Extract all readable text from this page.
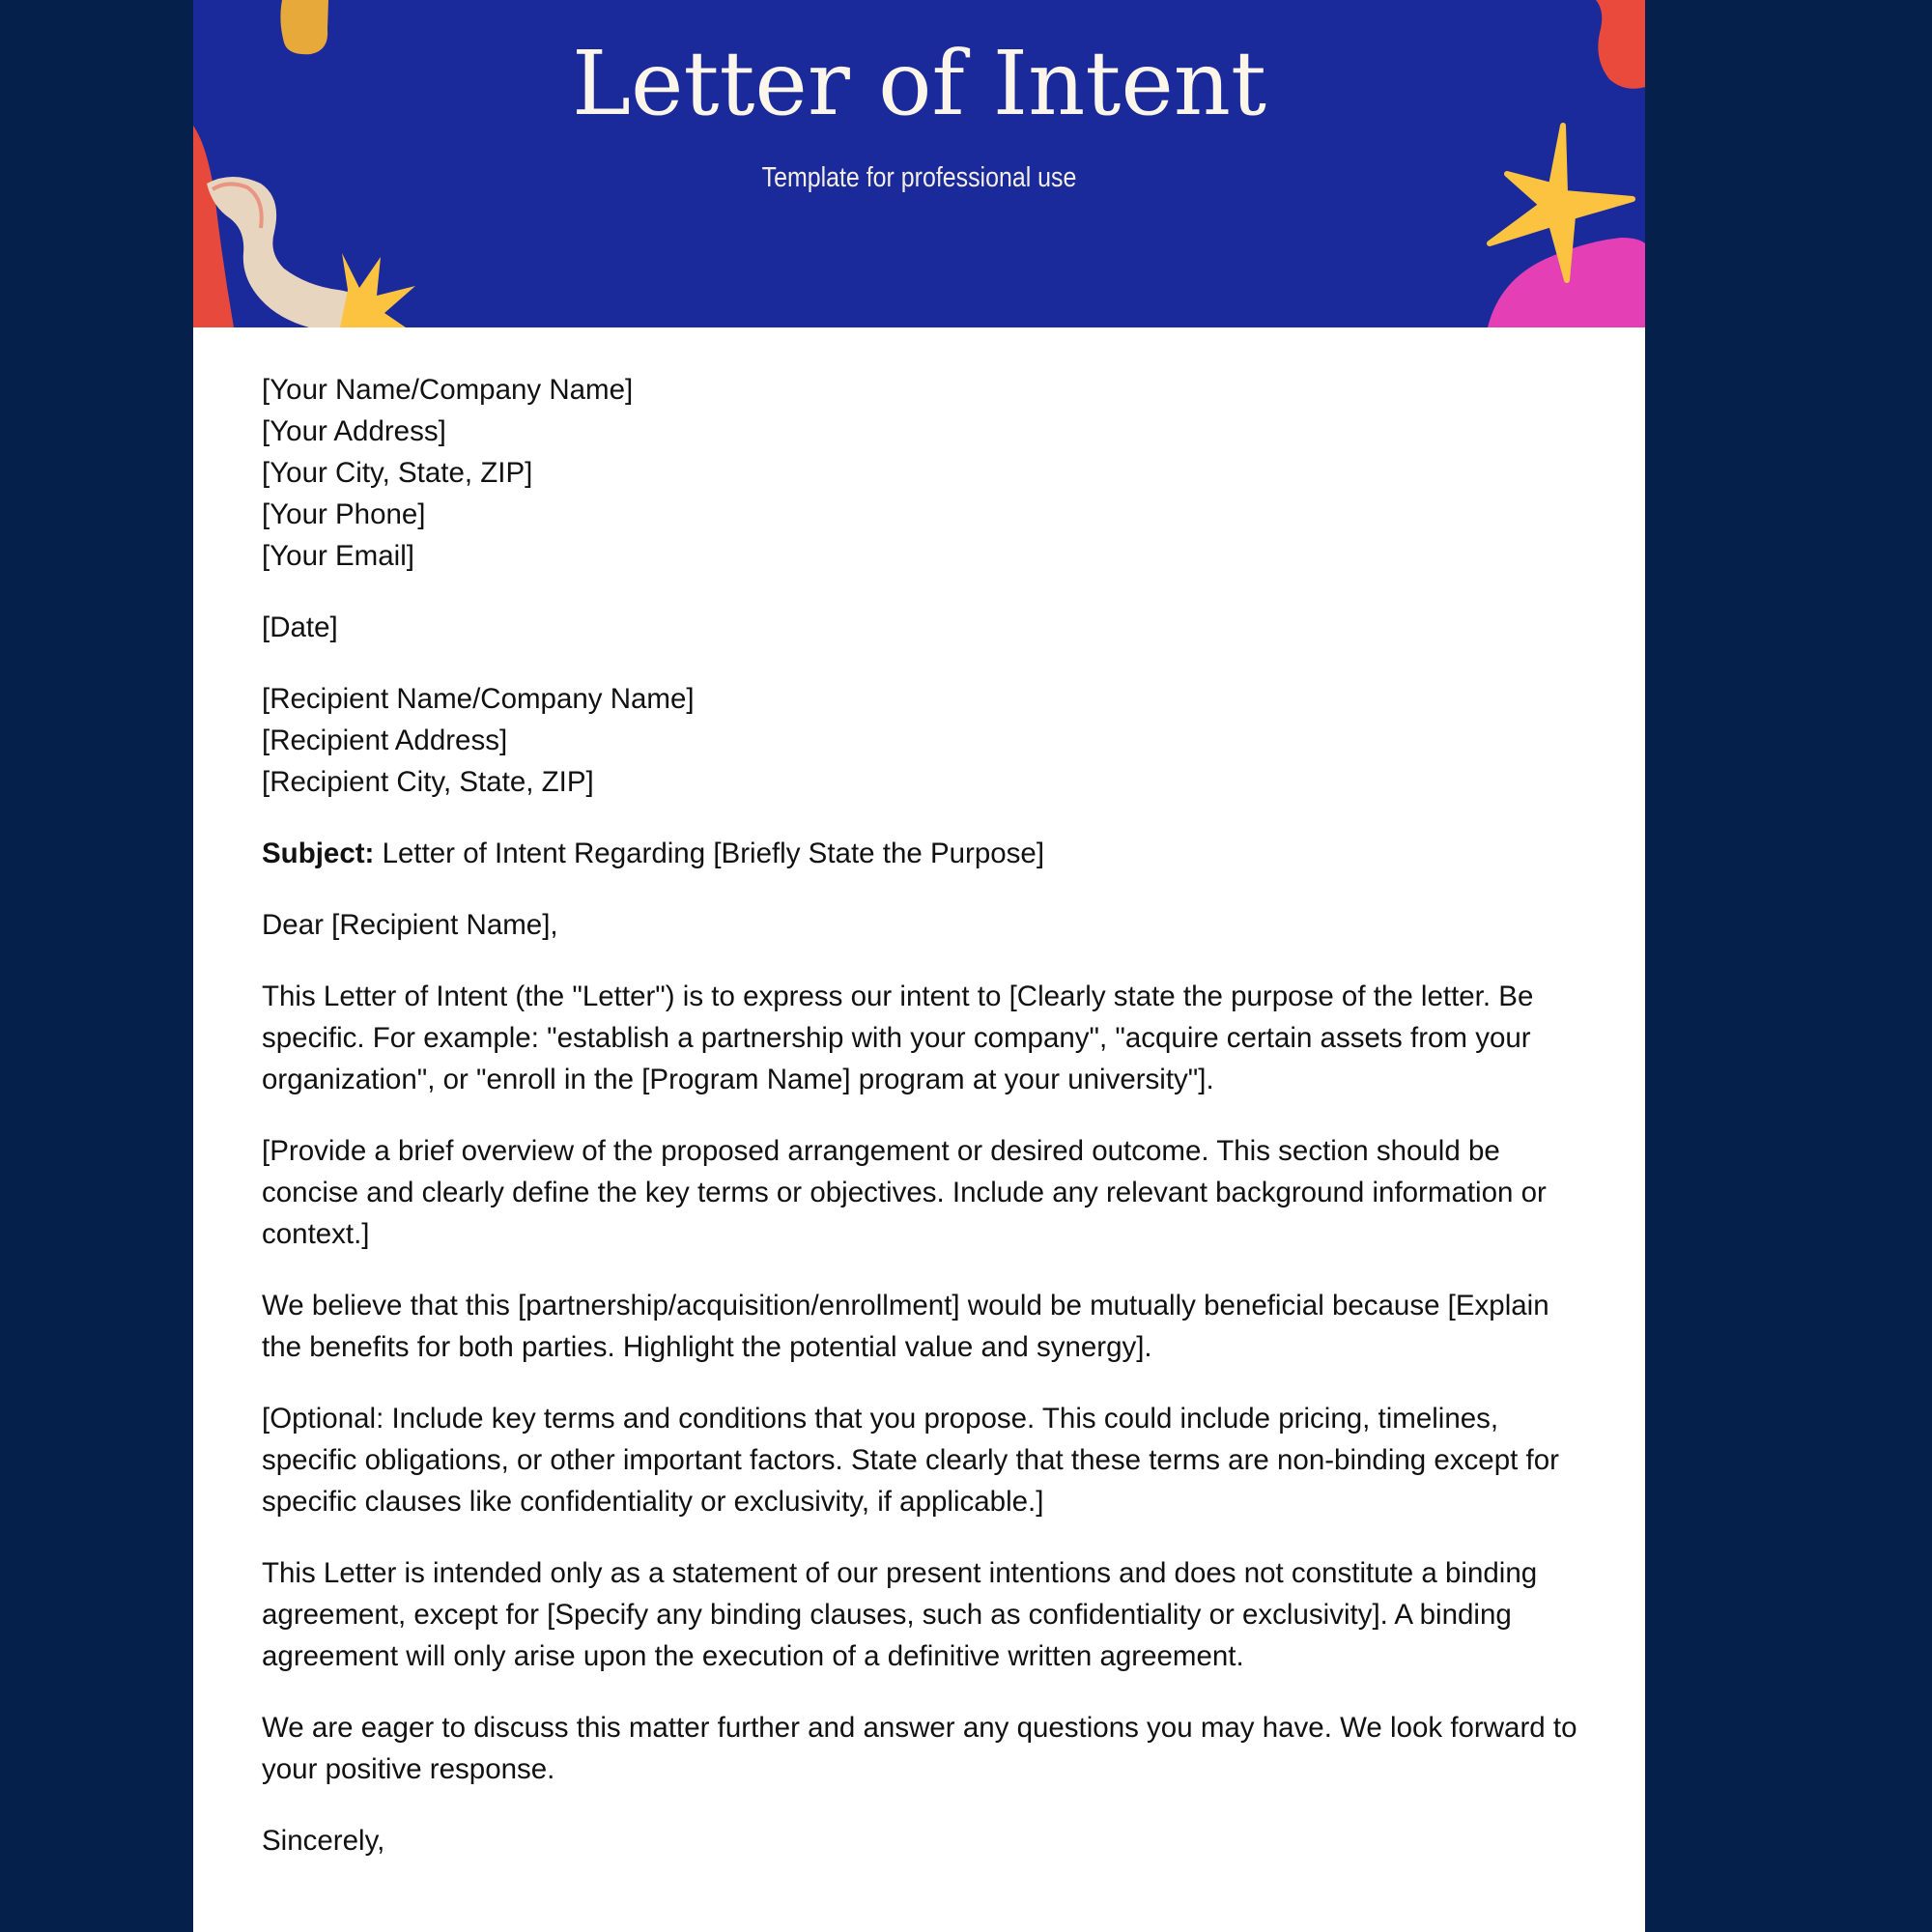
Letter of Intent
Template for professional use

[Your Name/Company Name]
[Your Address]
[Your City, State, ZIP]
[Your Phone]
[Your Email]

[Date]

[Recipient Name/Company Name]
[Recipient Address]
[Recipient City, State, ZIP]

Subject: Letter of Intent Regarding [Briefly State the Purpose]

Dear [Recipient Name],

This Letter of Intent (the "Letter") is to express our intent to [Clearly state the purpose of the letter. Be specific. For example: "establish a partnership with your company", "acquire certain assets from your organization", or "enroll in the [Program Name] program at your university"].

[Provide a brief overview of the proposed arrangement or desired outcome. This section should be concise and clearly define the key terms or objectives. Include any relevant background information or context.]

We believe that this [partnership/acquisition/enrollment] would be mutually beneficial because [Explain the benefits for both parties. Highlight the potential value and synergy].

[Optional: Include key terms and conditions that you propose. This could include pricing, timelines, specific obligations, or other important factors. State clearly that these terms are non-binding except for specific clauses like confidentiality or exclusivity, if applicable.]

This Letter is intended only as a statement of our present intentions and does not constitute a binding agreement, except for [Specify any binding clauses, such as confidentiality or exclusivity]. A binding agreement will only arise upon the execution of a definitive written agreement.

We are eager to discuss this matter further and answer any questions you may have. We look forward to your positive response.

Sincerely,
